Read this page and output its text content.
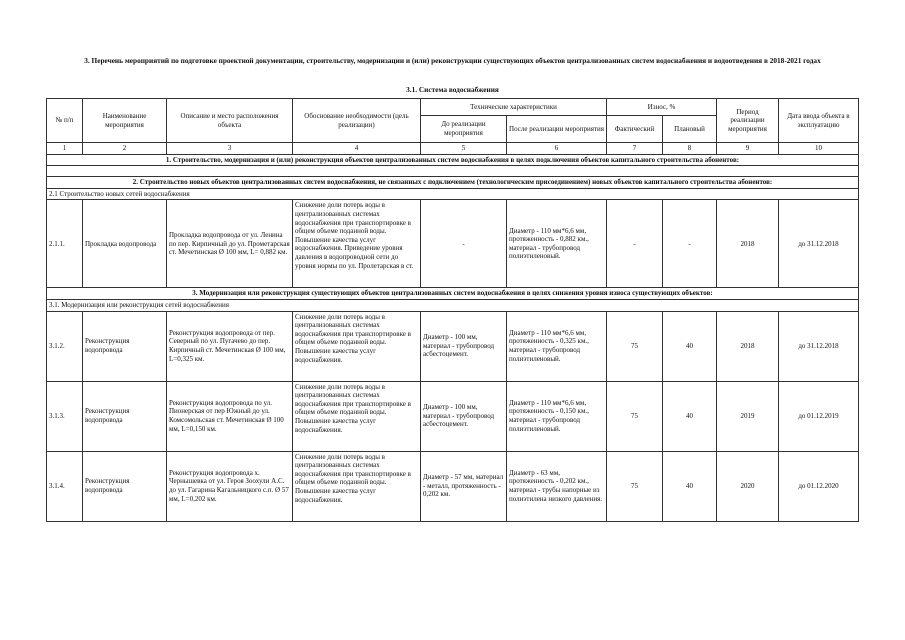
3. Перечень мероприятий по подготовке проектной документации, строительству, модернизации и (или) реконструкции существующих объектов централизованных систем водоснабжения и водоотведения в 2018-2021 годах
3.1. Система водоснабжения
№ п/п	Наименование мероприятия	Описание и место расположения объекта	Обоснование необходимости (цель реализации)	Технические характеристики		Износ, %		Период реализации мероприятия	Дата ввода объекта в эксплуатацию
				До реализации мероприятия	После реализации мероприятия	Фактический	Плановый		
1	2	3	4	5	6	7	8	9	10
1. Строительство, модернизация и (или) реконструкция объектов централизованных систем водоснабжения в целях подключения объектов капитального строительства абонентов:									

2. Строительство новых объектов централизованных систем водоснабжения, не связанных с подключением (технологическим присоединением) новых объектов капитального строительства абонентов:									
2.1 Строительство новых сетей водоснабжения									
2.1.1.	Прокладка водопровода	Прокладка водопровода от ул. Ленина по пер. Кирпичный до ул. Прометарская ст. Мечетинская Ø 100 мм, L= 0,882 км.	Снижение доли потерь воды в централизованных системах водоснабжения при транспортировке в общем объеме поданной воды. Повышение качества услуг водоснабжения. Приведение уровня давления в водопроводной сети до уровня нормы по ул. Пролетарская в ст.	-	Диаметр - 110 мм*6,6 мм, протяженность - 0,882 км., материал - трубопровод полиэтиленовый.	-	-	2018	до 31.12.2018
3. Модернизация или реконструкция существующих объектов централизованных систем водоснабжения в целях снижения уровня износа существующих объектов:									
3.1. Модернизация или реконструкция сетей водоснабжения									
3.1.2.	Реконструкция водопровода	Реконструкция водопровода от пер. Северный по ул. Пугачево до пер. Кирпичный ст. Мечетинская Ø 100 мм, L=0,325 км.	Снижение доли потерь воды в централизованных системах водоснабжения при транспортировке в общем объеме поданной воды. Повышение качества услуг водоснабжения.	Диаметр - 100 мм, материал - трубопровод асбестоцемент.	Диаметр - 110 мм*6,6 мм, протяженность - 0,325 км., материал - трубопровод полиэтиленовый.	75	40	2018	до 31.12.2018
3.1.3.	Реконструкция водопровода	Реконструкция водопровода по ул. Пионерская от пер Южный до ул. Комсомольская ст. Мечетинская Ø 100 мм, L=0,150 км.	Снижение доли потерь воды в централизованных системах водоснабжения при транспортировке в общем объеме поданной воды. Повышение качества услуг водоснабжения.	Диаметр - 100 мм, материал - трубопровод асбестоцемент.	Диаметр - 110 мм*6,6 мм, протяженность - 0,150 км., материал - трубопровод полиэтиленовый.	75	40	2019	до 01.12.2019
3.1.4.	Реконструкция водопровода	Реконструкция водопровода х. Чернышевка от ул. Героя Зоохули А.С. до ул. Гагарина Кагальницкого с.п. Ø 57 мм, L=0,202 км.	Снижение доли потерь воды в централизованных системах водоснабжения при транспортировке в общем объеме поданной воды. Повышение качества услуг водоснабжения.	Диаметр - 57 мм, материал - металл, протяженность - 0,202 км.	Диаметр - 63 мм, протяженность - 0,202 км., материал - трубы напорные из полиэтилена низкого давления.	75	40	2020	до 01.12.2020
